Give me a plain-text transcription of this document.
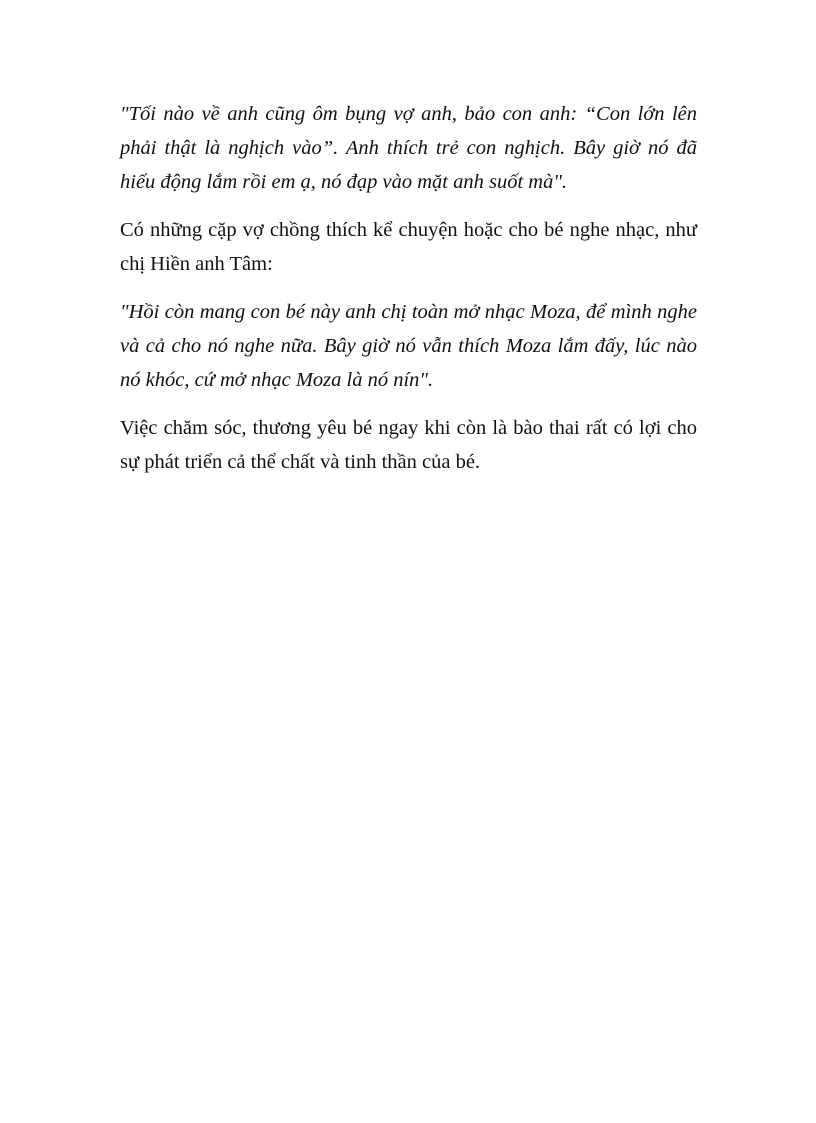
"Tối nào về anh cũng ôm bụng vợ anh, bảo con anh: “Con lớn lên phải thật là nghịch vào”. Anh thích trẻ con nghịch. Bây giờ nó đã hiếu động lắm rồi em ạ, nó đạp vào mặt anh suốt mà".

Có những cặp vợ chồng thích kể chuyện hoặc cho bé nghe nhạc, như chị Hiền anh Tâm:

"Hồi còn mang con bé này anh chị toàn mở nhạc Moza, để mình nghe và cả cho nó nghe nữa. Bây giờ nó vẫn thích Moza lắm đấy, lúc nào nó khóc, cứ mở nhạc Moza là nó nín".

Việc chăm sóc, thương yêu bé ngay khi còn là bào thai rất có lợi cho sự phát triển cả thể chất và tinh thần của bé.
